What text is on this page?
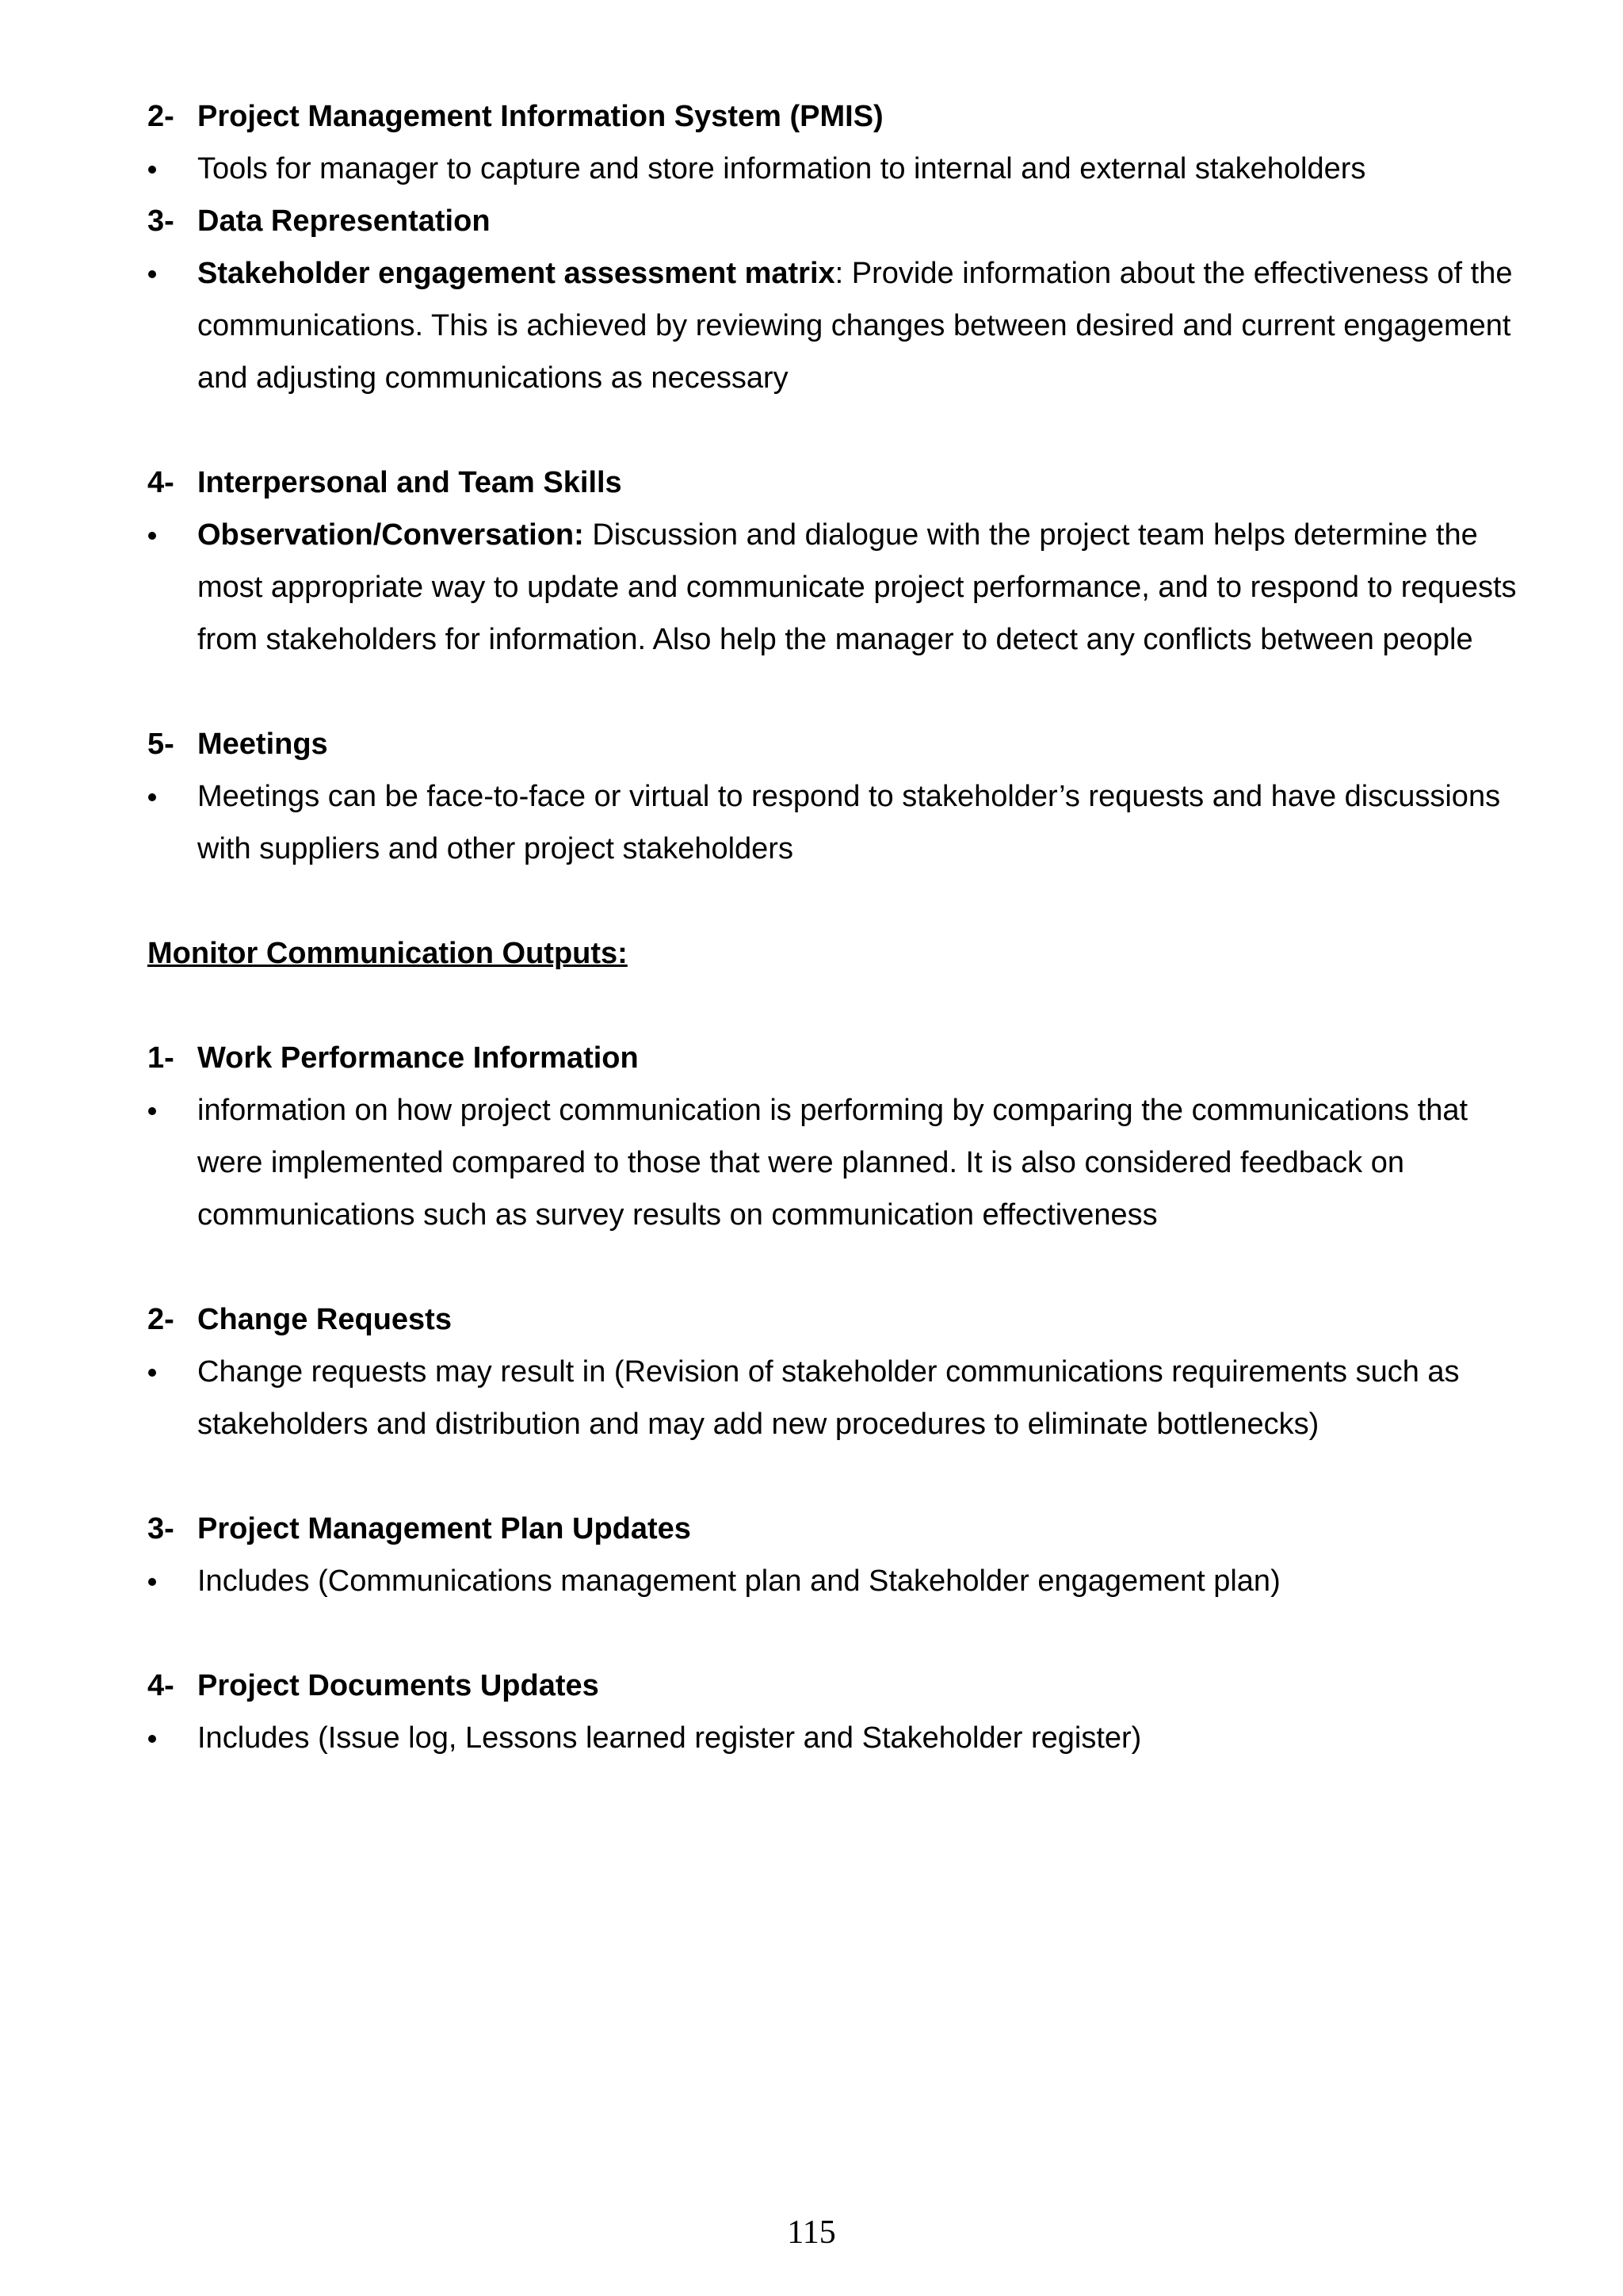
2- Project Management Information System (PMIS)
Tools for manager to capture and store information to internal and external stakeholders
3- Data Representation
Stakeholder engagement assessment matrix: Provide information about the effectiveness of the communications. This is achieved by reviewing changes between desired and current engagement and adjusting communications as necessary
4- Interpersonal and Team Skills
Observation/Conversation: Discussion and dialogue with the project team helps determine the most appropriate way to update and communicate project performance, and to respond to requests from stakeholders for information. Also help the manager to detect any conflicts between people
5- Meetings
Meetings can be face-to-face or virtual to respond to stakeholder’s requests and have discussions with suppliers and other project stakeholders
Monitor Communication Outputs:
1- Work Performance Information
information on how project communication is performing by comparing the communications that were implemented compared to those that were planned. It is also considered feedback on communications such as survey results on communication effectiveness
2- Change Requests
Change requests may result in (Revision of stakeholder communications requirements such as stakeholders and distribution and may add new procedures to eliminate bottlenecks)
3- Project Management Plan Updates
Includes (Communications management plan and Stakeholder engagement plan)
4- Project Documents Updates
Includes (Issue log, Lessons learned register and Stakeholder register)
115
